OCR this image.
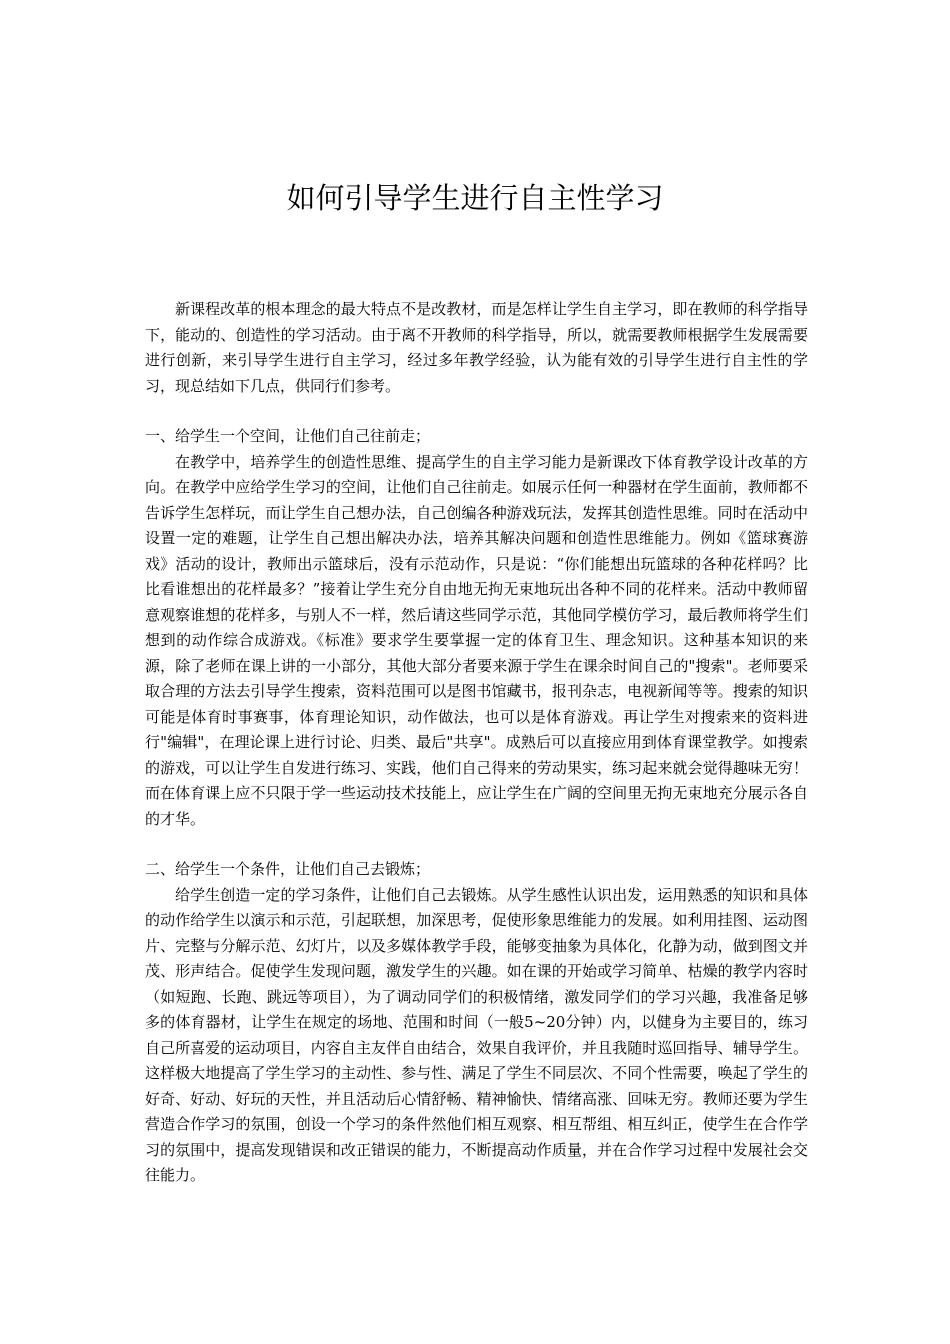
如何引导学生进行自主性学习

新课程改革的根本理念的最大特点不是改教材，而是怎样让学生自主学习，即在教师的科学指导下，能动的、创造性的学习活动。由于离不开教师的科学指导，所以，就需要教师根据学生发展需要进行创新，来引导学生进行自主学习，经过多年教学经验，认为能有效的引导学生进行自主性的学习，现总结如下几点，供同行们参考。

一、给学生一个空间，让他们自己往前走；

在教学中，培养学生的创造性思维、提高学生的自主学习能力是新课改下体育教学设计改革的方向。在教学中应给学生学习的空间，让他们自己往前走。如展示任何一种器材在学生面前，教师都不告诉学生怎样玩，而让学生自己想办法，自己创编各种游戏玩法，发挥其创造性思维。同时在活动中设置一定的难题，让学生自己想出解决办法，培养其解决问题和创造性思维能力。例如《篮球赛游戏》活动的设计，教师出示篮球后，没有示范动作，只是说：“你们能想出玩篮球的各种花样吗？比比看谁想出的花样最多？”接着让学生充分自由地无拘无束地玩出各种不同的花样来。活动中教师留意观察谁想的花样多，与别人不一样，然后请这些同学示范，其他同学模仿学习，最后教师将学生们想到的动作综合成游戏。《标准》要求学生要掌握一定的体育卫生、理念知识。这种基本知识的来源，除了老师在课上讲的一小部分，其他大部分者要来源于学生在课余时间自己的"搜索"。老师要采取合理的方法去引导学生搜索，资料范围可以是图书馆藏书，报刊杂志，电视新闻等等。搜索的知识可能是体育时事赛事，体育理论知识，动作做法，也可以是体育游戏。再让学生对搜索来的资料进行"编辑"，在理论课上进行讨论、归类、最后"共享"。成熟后可以直接应用到体育课堂教学。如搜索的游戏，可以让学生自发进行练习、实践，他们自己得来的劳动果实，练习起来就会觉得趣味无穷！而在体育课上应不只限于学一些运动技术技能上，应让学生在广阔的空间里无拘无束地充分展示各自的才华。

二、给学生一个条件，让他们自己去锻炼；

给学生创造一定的学习条件，让他们自己去锻炼。从学生感性认识出发，运用熟悉的知识和具体的动作给学生以演示和示范，引起联想，加深思考，促使形象思维能力的发展。如利用挂图、运动图片、完整与分解示范、幻灯片，以及多媒体教学手段，能够变抽象为具体化，化静为动，做到图文并茂、形声结合。促使学生发现问题，激发学生的兴趣。如在课的开始或学习简单、枯燥的教学内容时（如短跑、长跑、跳远等项目），为了调动同学们的积极情绪，激发同学们的学习兴趣，我准备足够多的体育器材，让学生在规定的场地、范围和时间（一般5~20分钟）内，以健身为主要目的，练习自己所喜爱的运动项目，内容自主友伴自由结合，效果自我评价，并且我随时巡回指导、辅导学生。这样极大地提高了学生学习的主动性、参与性、满足了学生不同层次、不同个性需要，唤起了学生的好奇、好动、好玩的天性，并且活动后心情舒畅、精神愉快、情绪高涨、回味无穷。教师还要为学生营造合作学习的氛围，创设一个学习的条件然他们相互观察、相互帮组、相互纠正，使学生在合作学习的氛围中，提高发现错误和改正错误的能力，不断提高动作质量，并在合作学习过程中发展社会交往能力。
